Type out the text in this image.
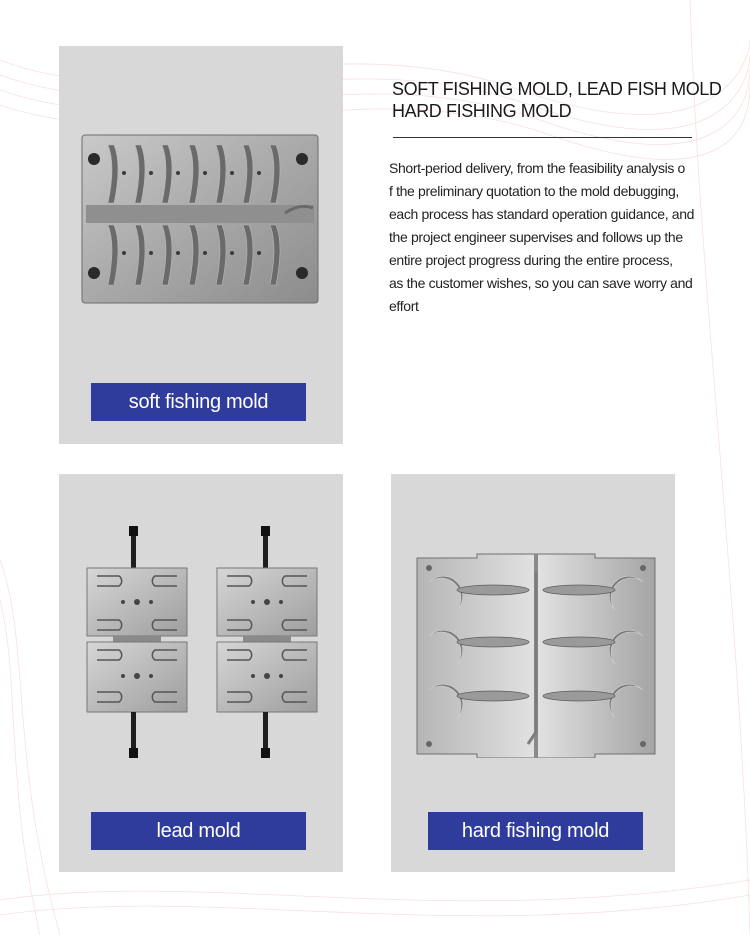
soft fishing mold
SOFT FISHING MOLD, LEAD FISH MOLD
HARD FISHING MOLD
Short-period delivery, from the feasibility analysis o
f the preliminary quotation to the mold debugging,
each process has standard operation guidance, and
the project engineer supervises and follows up the
entire project progress during the entire process,
as the customer wishes, so you can save worry and
effort
lead mold	hard fishing mold
